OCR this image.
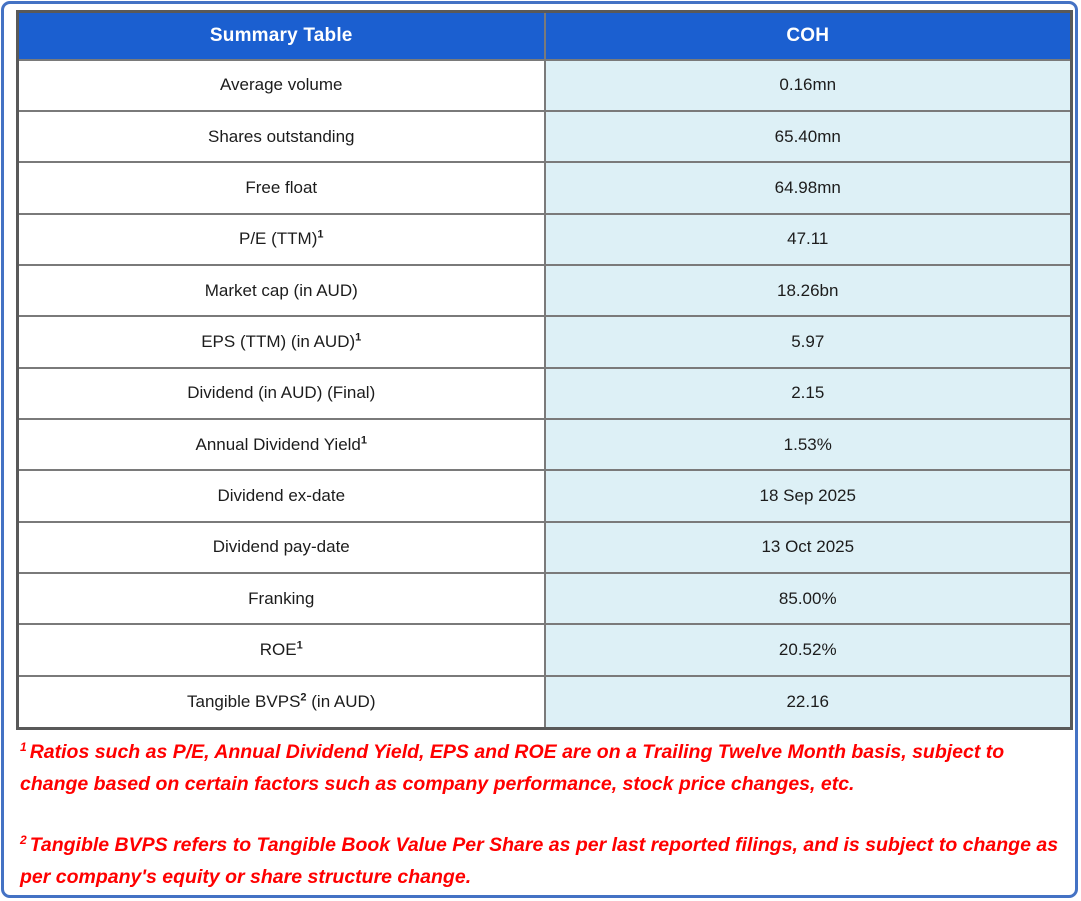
Summary Table	COH
Average volume	0.16mn
Shares outstanding	65.40mn
Free float	64.98mn
P/E (TTM)$^1$	47.11
Market cap (in AUD)	18.26bn
EPS (TTM) (in AUD)$^1$	5.97
Dividend (in AUD) (Final)	2.15
Annual Dividend Yield$^1$	1.53%
Dividend ex-date	18 Sep 2025
Dividend pay-date	13 Oct 2025
Franking	85.00%
ROE$^1$	20.52%
Tangible BVPS$^2$ (in AUD)	22.16

$^1$ Ratios such as P/E, Annual Dividend Yield, EPS and ROE are on a Trailing Twelve Month basis, subject to change based on certain factors such as company performance, stock price changes, etc.

$^2$ Tangible BVPS refers to Tangible Book Value Per Share as per last reported filings, and is subject to change as per company's equity or share structure change.
